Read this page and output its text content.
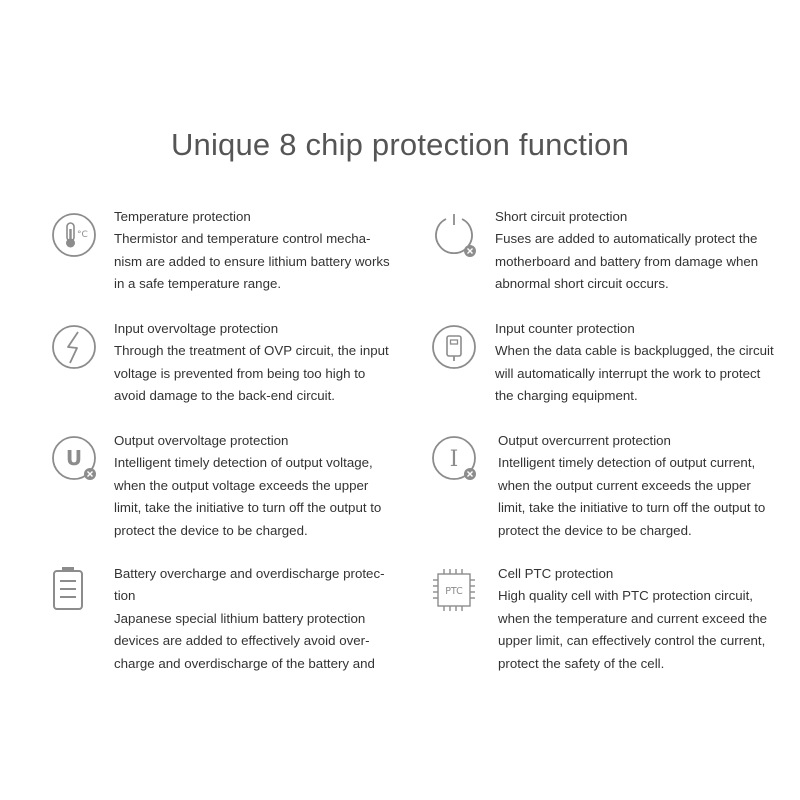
Unique 8 chip protection function
°C
Temperature protection
Thermistor and temperature control mecha-
nism are added to ensure lithium battery works
in a safe temperature range.
Short circuit protection
Fuses are added to automatically protect the
motherboard and battery from damage when
abnormal short circuit occurs.
Input overvoltage protection
Through the treatment of OVP circuit, the input
voltage is prevented from being too high to
avoid damage to the back-end circuit.
Input counter protection
When the data cable is backplugged, the circuit
will automatically interrupt the work to protect
the charging equipment.
U
Output overvoltage protection
Intelligent timely detection of output voltage,
when the output voltage exceeds the upper
limit, take the initiative to turn off the output to
protect the device to be charged.
I
Output overcurrent protection
Intelligent timely detection of output current,
when the output current exceeds the upper
limit, take the initiative to turn off the output to
protect the device to be charged.
Battery overcharge and overdischarge protec-
tion
Japanese special lithium battery protection
devices are added to effectively avoid over-
charge and overdischarge of the battery and
PTC
Cell PTC protection
High quality cell with PTC protection circuit,
when the temperature and current exceed the
upper limit, can effectively control the current,
protect the safety of the cell.
